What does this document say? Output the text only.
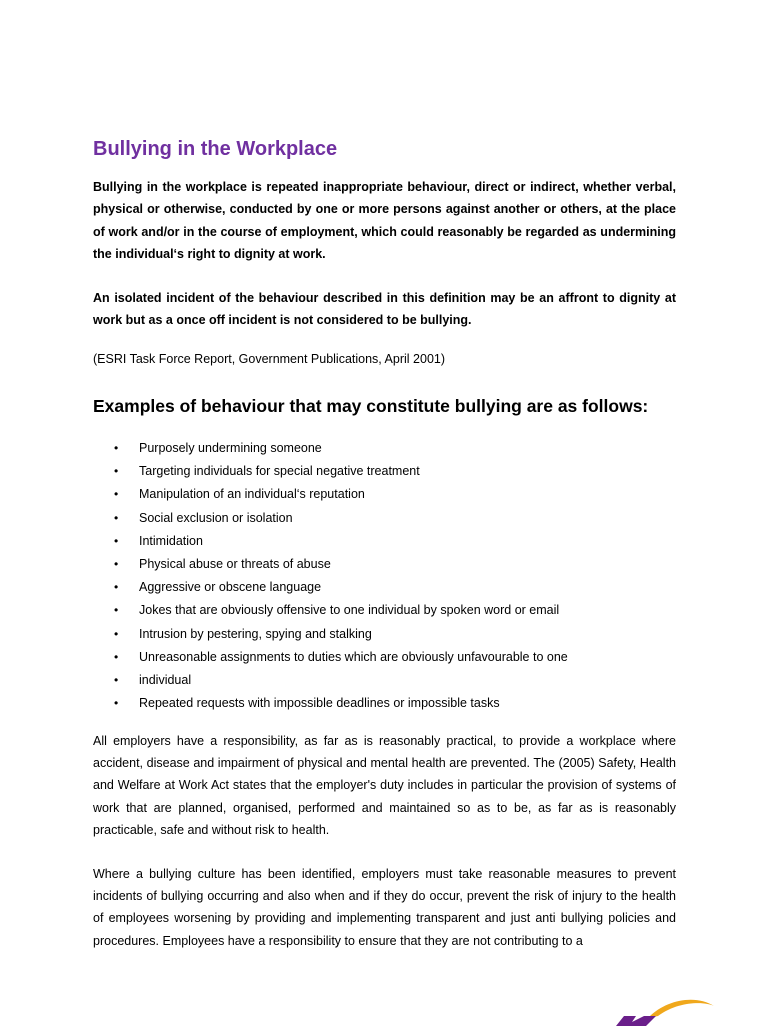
Bullying in the Workplace

Bullying in the workplace is repeated inappropriate behaviour, direct or indirect, whether verbal, physical or otherwise, conducted by one or more persons against another or others, at the place of work and/or in the course of employment, which could reasonably be regarded as undermining the individual‘s right to dignity at work.

An isolated incident of the behaviour described in this definition may be an affront to dignity at work but as a once off incident is not considered to be bullying.

(ESRI Task Force Report, Government Publications, April 2001)

Examples of behaviour that may constitute bullying are as follows:
• Purposely undermining someone
• Targeting individuals for special negative treatment
• Manipulation of an individual‘s reputation
• Social exclusion or isolation
• Intimidation
• Physical abuse or threats of abuse
• Aggressive or obscene language
• Jokes that are obviously offensive to one individual by spoken word or email
• Intrusion by pestering, spying and stalking
• Unreasonable assignments to duties which are obviously unfavourable to one
• individual
• Repeated requests with impossible deadlines or impossible tasks

All employers have a responsibility, as far as is reasonably practical, to provide a workplace where accident, disease and impairment of physical and mental health are prevented. The (2005) Safety, Health and Welfare at Work Act states that the employer's duty includes in particular the provision of systems of work that are planned, organised, performed and maintained so as to be, as far as is reasonably practicable, safe and without risk to health.

Where a bullying culture has been identified, employers must take reasonable measures to prevent incidents of bullying occurring and also when and if they do occur, prevent the risk of injury to the health of employees worsening by providing and implementing transparent and just anti bullying policies and procedures. Employees have a responsibility to ensure that they are not contributing to a
